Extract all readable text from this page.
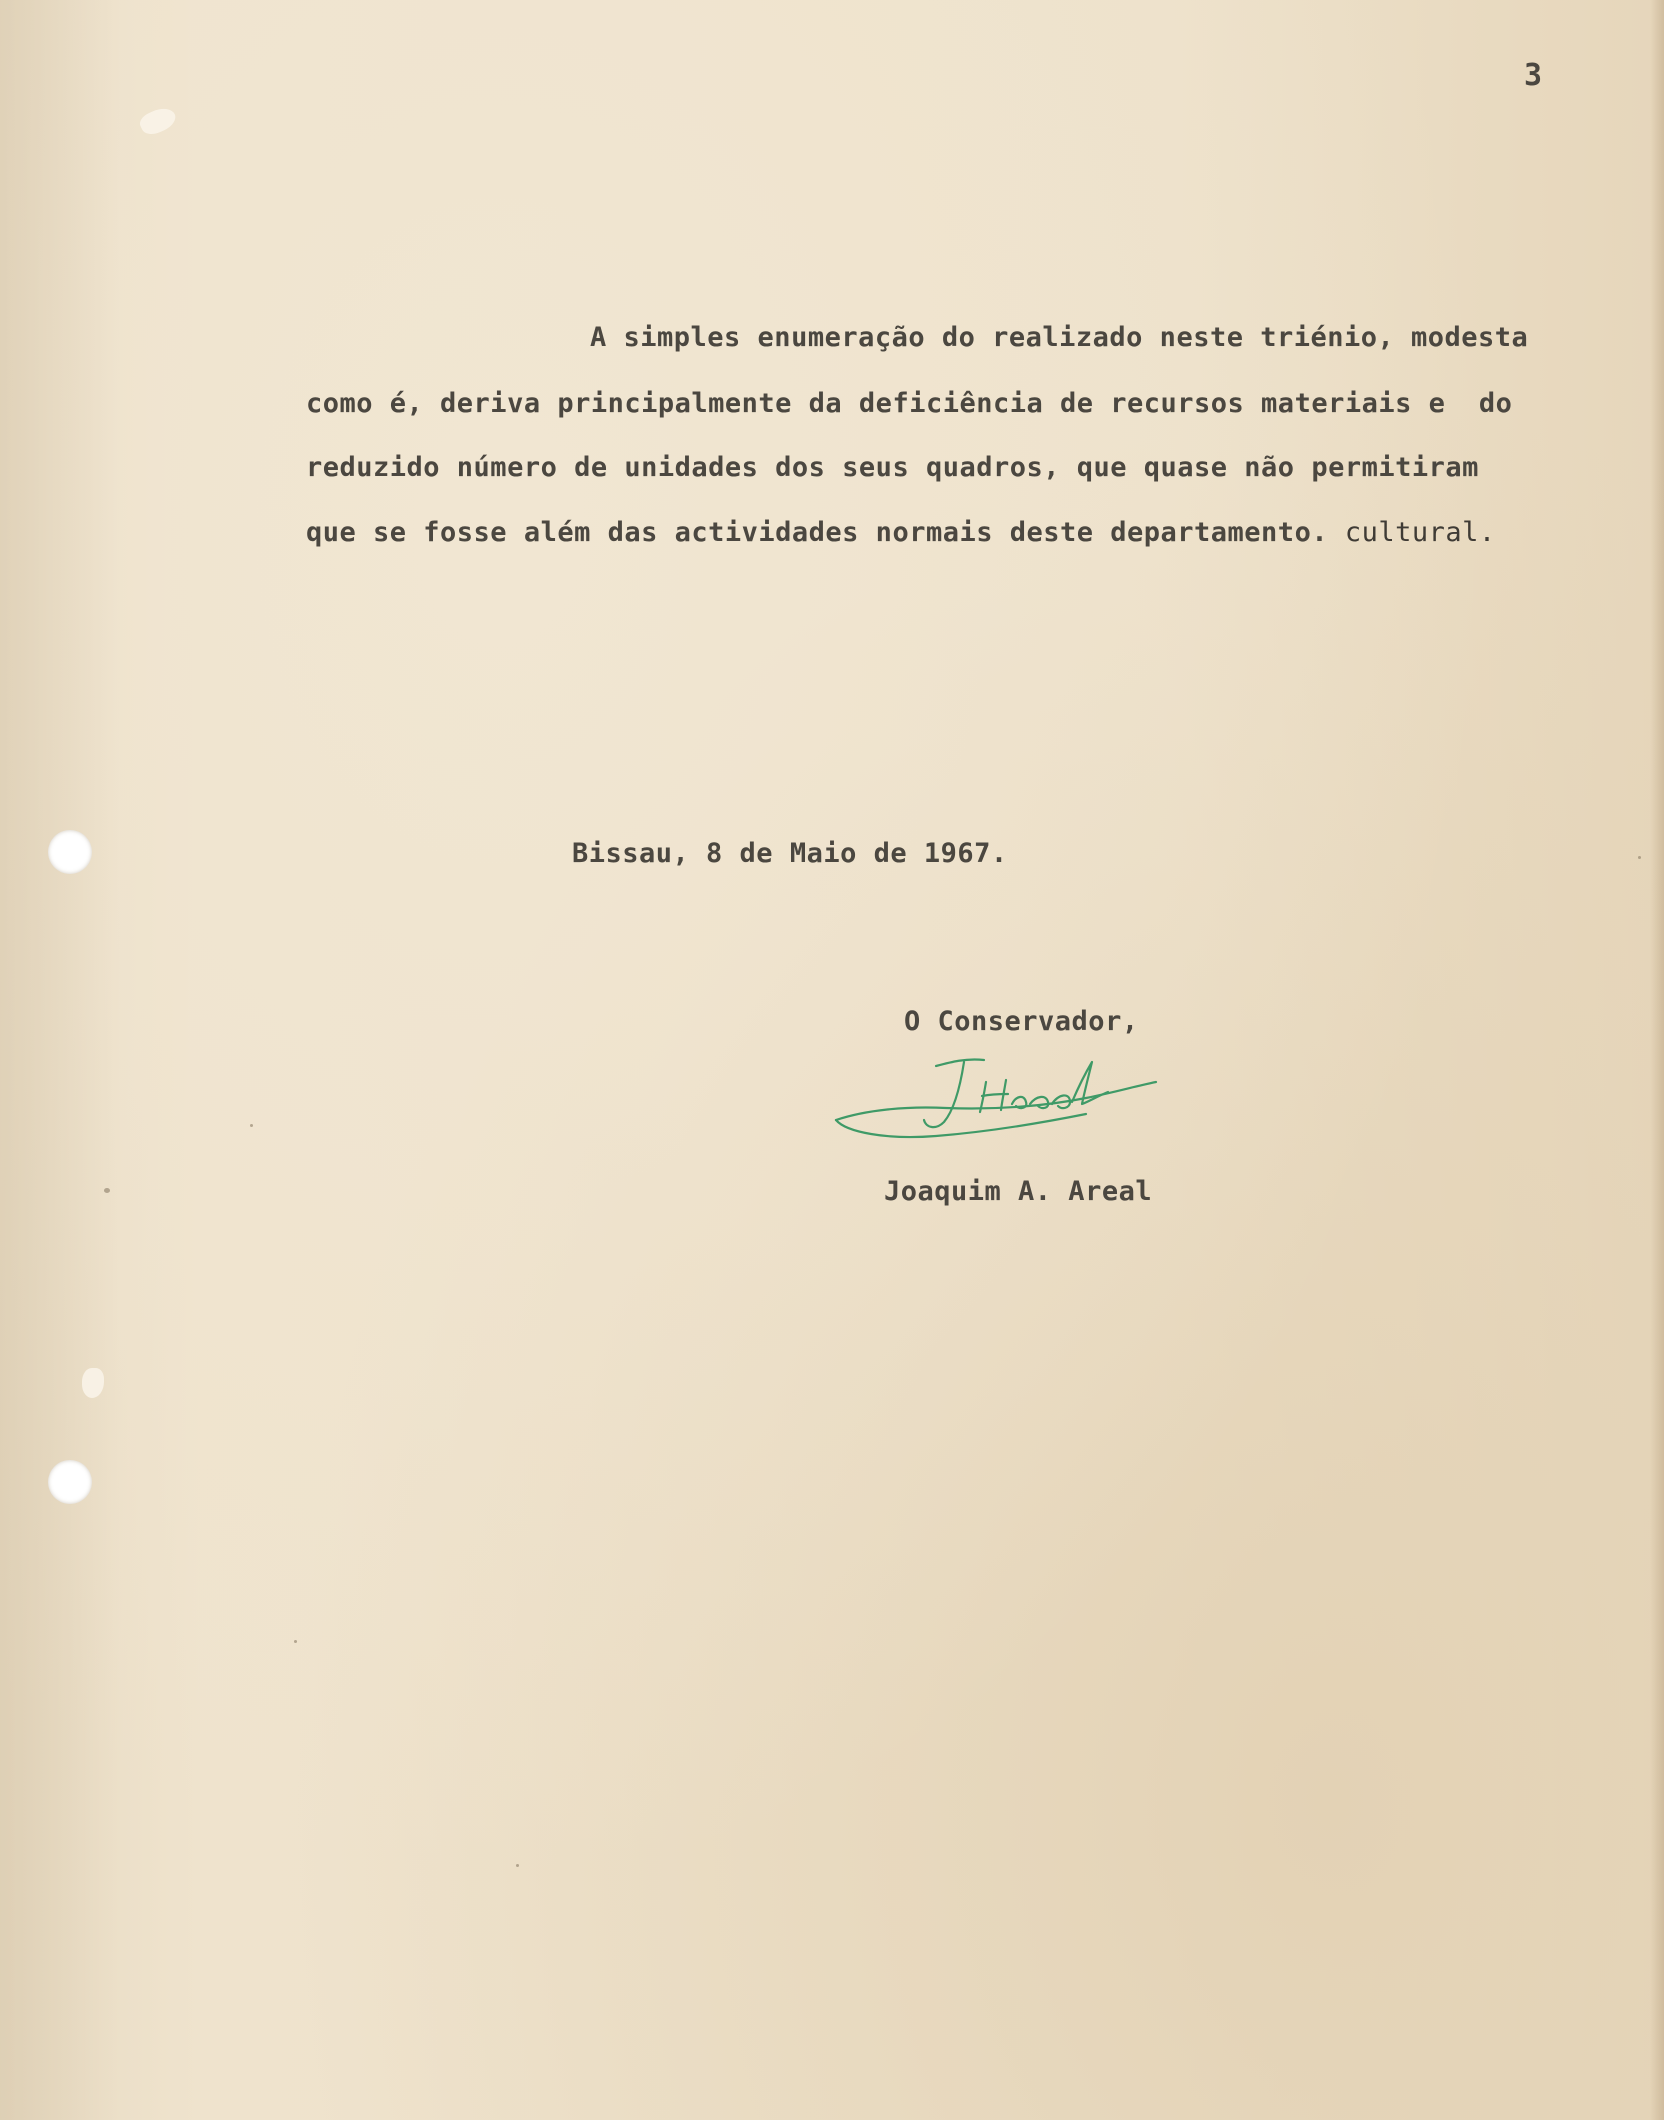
3

A simples enumeração do realizado neste triénio, modesta

como é, deriva principalmente da deficiência de recursos materiais e  do

reduzido número de unidades dos seus quadros, que quase não permitiram

que se fosse além das actividades normais deste departamento. cultural.

Bissau, 8 de Maio de 1967.

O Conservador,

Joaquim A. Areal
